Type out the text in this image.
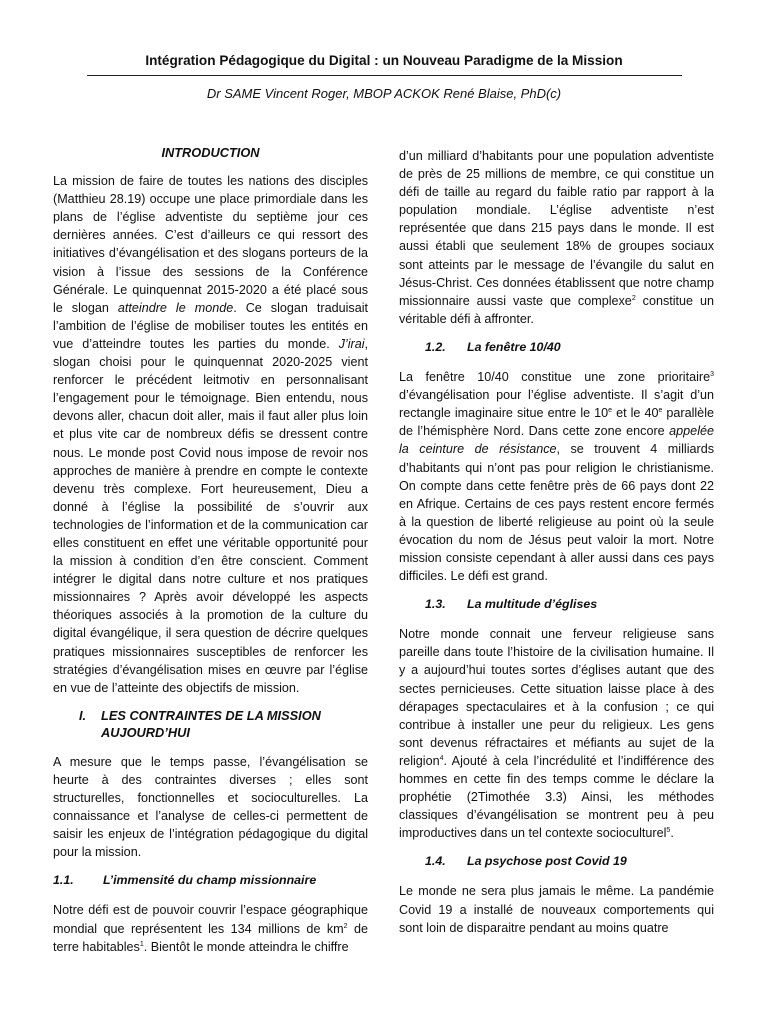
Intégration Pédagogique du Digital : un Nouveau Paradigme de la Mission

Dr SAME Vincent Roger, MBOP ACKOK René Blaise, PhD(c)

INTRODUCTION

La mission de faire de toutes les nations des disciples (Matthieu 28.19) occupe une place primordiale dans les plans de l’église adventiste du septième jour ces dernières années. C’est d’ailleurs ce qui ressort des initiatives d’évangélisation et des slogans porteurs de la vision à l’issue des sessions de la Conférence Générale. Le quinquennat 2015-2020 a été placé sous le slogan atteindre le monde. Ce slogan traduisait l’ambition de l’église de mobiliser toutes les entités en vue d’atteindre toutes les parties du monde. J’irai, slogan choisi pour le quinquennat 2020-2025 vient renforcer le précédent leitmotiv en personnalisant l’engagement pour le témoignage. Bien entendu, nous devons aller, chacun doit aller, mais il faut aller plus loin et plus vite car de nombreux défis se dressent contre nous. Le monde post Covid nous impose de revoir nos approches de manière à prendre en compte le contexte devenu très complexe. Fort heureusement, Dieu a donné à l’église la possibilité de s’ouvrir aux technologies de l’information et de la communication car elles constituent en effet une véritable opportunité pour la mission à condition d’en être conscient. Comment intégrer le digital dans notre culture et nos pratiques missionnaires ? Après avoir développé les aspects théoriques associés à la promotion de la culture du digital évangélique, il sera question de décrire quelques pratiques missionnaires susceptibles de renforcer les stratégies d’évangélisation mises en œuvre par l’église en vue de l’atteinte des objectifs de mission.

I.	LES CONTRAINTES DE LA MISSION AUJOURD’HUI

A mesure que le temps passe, l’évangélisation se heurte à des contraintes diverses ; elles sont structurelles, fonctionnelles et socioculturelles. La connaissance et l’analyse de celles-ci permettent de saisir les enjeux de l’intégration pédagogique du digital pour la mission.

1.1.	L’immensité du champ missionnaire

Notre défi est de pouvoir couvrir l’espace géographique mondial que représentent les 134 millions de $km^2$ de terre habitables$^1$. Bientôt le monde atteindra le chiffre

d’un milliard d’habitants pour une population adventiste de près de 25 millions de membre, ce qui constitue un défi de taille au regard du faible ratio par rapport à la population mondiale. L’église adventiste n’est représentée que dans 215 pays dans le monde. Il est aussi établi que seulement 18% de groupes sociaux sont atteints par le message de l’évangile du salut en Jésus-Christ. Ces données établissent que notre champ missionnaire aussi vaste que complexe$^2$ constitue un véritable défi à affronter.

1.2.	La fenêtre 10/40

La fenêtre 10/40 constitue une zone prioritaire$^3$ d’évangélisation pour l’église adventiste. Il s’agit d’un rectangle imaginaire situe entre le 10e et le 40e parallèle de l’hémisphère Nord. Dans cette zone encore appelée la ceinture de résistance, se trouvent 4 milliards d’habitants qui n’ont pas pour religion le christianisme. On compte dans cette fenêtre près de 66 pays dont 22 en Afrique. Certains de ces pays restent encore fermés à la question de liberté religieuse au point où la seule évocation du nom de Jésus peut valoir la mort. Notre mission consiste cependant à aller aussi dans ces pays difficiles. Le défi est grand.

1.3.	La multitude d’églises

Notre monde connait une ferveur religieuse sans pareille dans toute l’histoire de la civilisation humaine. Il y a aujourd’hui toutes sortes d’églises autant que des sectes pernicieuses. Cette situation laisse place à des dérapages spectaculaires et à la confusion ; ce qui contribue à installer une peur du religieux. Les gens sont devenus réfractaires et méfiants au sujet de la religion$^4$. Ajouté à cela l’incrédulité et l’indifférence des hommes en cette fin des temps comme le déclare la prophétie (2Timothée 3.3) Ainsi, les méthodes classiques d’évangélisation se montrent peu à peu improductives dans un tel contexte socioculturel$^5$.

1.4.	La psychose post Covid 19

Le monde ne sera plus jamais le même. La pandémie Covid 19 a installé de nouveaux comportements qui sont loin de disparaitre pendant au moins quatre
